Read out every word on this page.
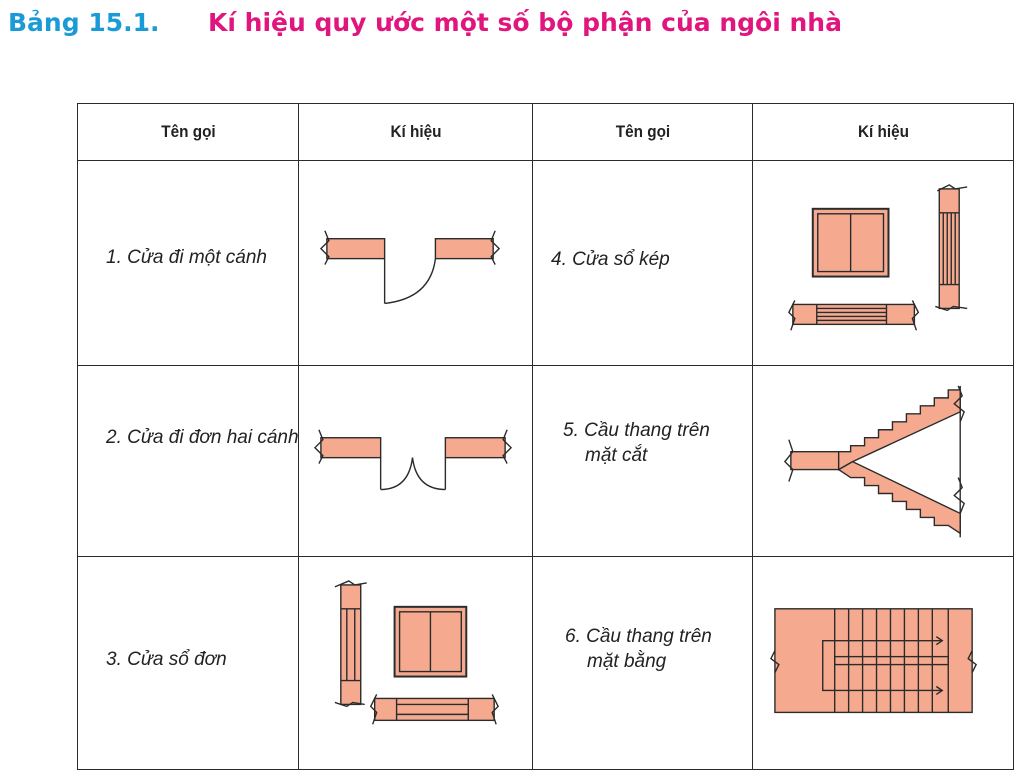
Bảng 15.1.	Kí hiệu quy ước một số bộ phận của ngôi nhà
Tên gọi	Kí hiệu	Tên gọi	Kí hiệu

1. Cửa đi một cánh		4. Cửa sổ kép

2. Cửa đi đơn hai cánh		5. Cầu thang trên
mặt cắt

3. Cửa sổ đơn		6. Cầu thang trên
mặt bằng
